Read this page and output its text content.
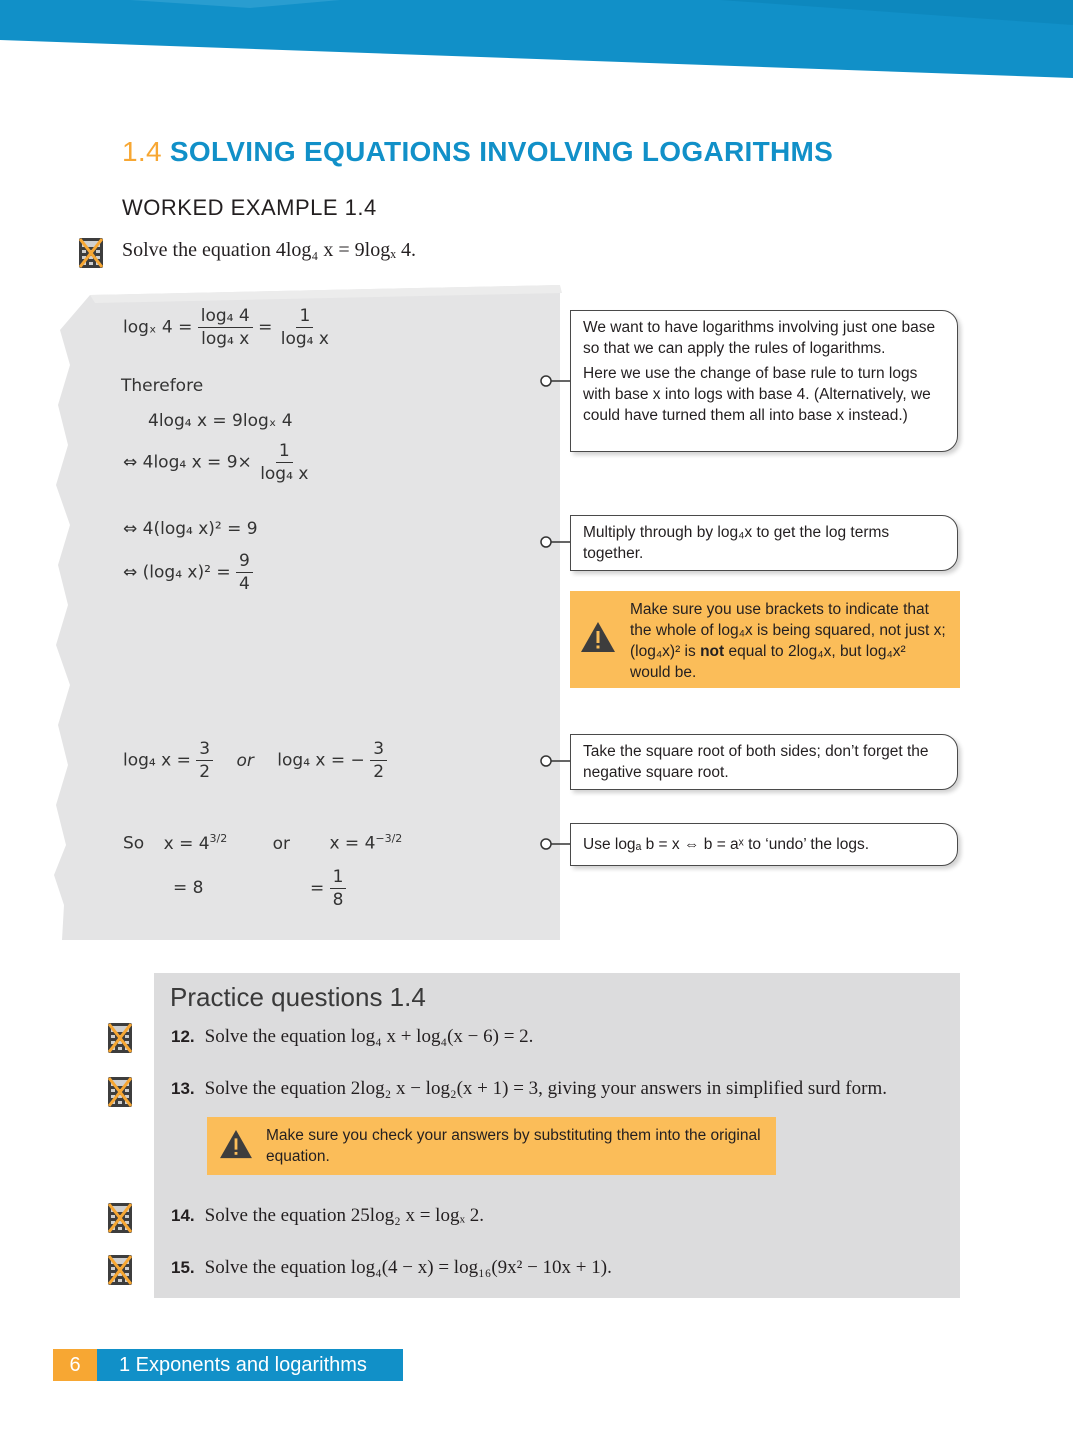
1.4 SOLVING EQUATIONS INVOLVING LOGARITHMS
WORKED EXAMPLE 1.4
Solve the equation 4log₄ x = 9logₓ 4.
logₓ $4 = \frac{\text{log₄ 4}}{\text{log₄ x}} = \frac{1}{\text{log₄ x}}$
Therefore
4log₄ x = 9logₓ 4
⇔ 4log₄ $x = 9\times \frac{1}{\text{log₄ x}}$
⇔ 4(log₄ x)² = 9
⇔ (log₄ $x)^2 = \frac{9}{4}$
log₄ $x = \frac{3}{2}$ or log₄ x = − $\frac{3}{2}$
So $x = 4^{3/2}$	or $x = 4^{-3/2}$
= 8	= $\frac{1}{8}$

We want to have logarithms involving just one base so that we can apply the rules of logarithms.

Here we use the change of base rule to turn logs with base x into logs with base 4. (Alternatively, we could have turned them all into base x instead.)

Multiply through by log₄x to get the log terms together.

Make sure you use brackets to indicate that the whole of log₄x is being squared, not just x; (log₄x)² is not equal to 2log₄x, but log₄x² would be.

Take the square root of both sides; don’t forget the negative square root.

Use logₐ b = x ⇔ b = aˣ to ‘undo’ the logs.

Practice questions 1.4
12. Solve the equation log₄ x + log₄(x − 6) = 2.
13. Solve the equation 2log₂ x − log₂(x + 1) = 3, giving your answers in simplified surd form.
Make sure you check your answers by substituting them into the original equation.
14. Solve the equation 25log₂ x = logₓ 2.
15. Solve the equation log₄(4 − x) = log₁₆(9x² − 10x + 1).
6	1 Exponents and logarithms
